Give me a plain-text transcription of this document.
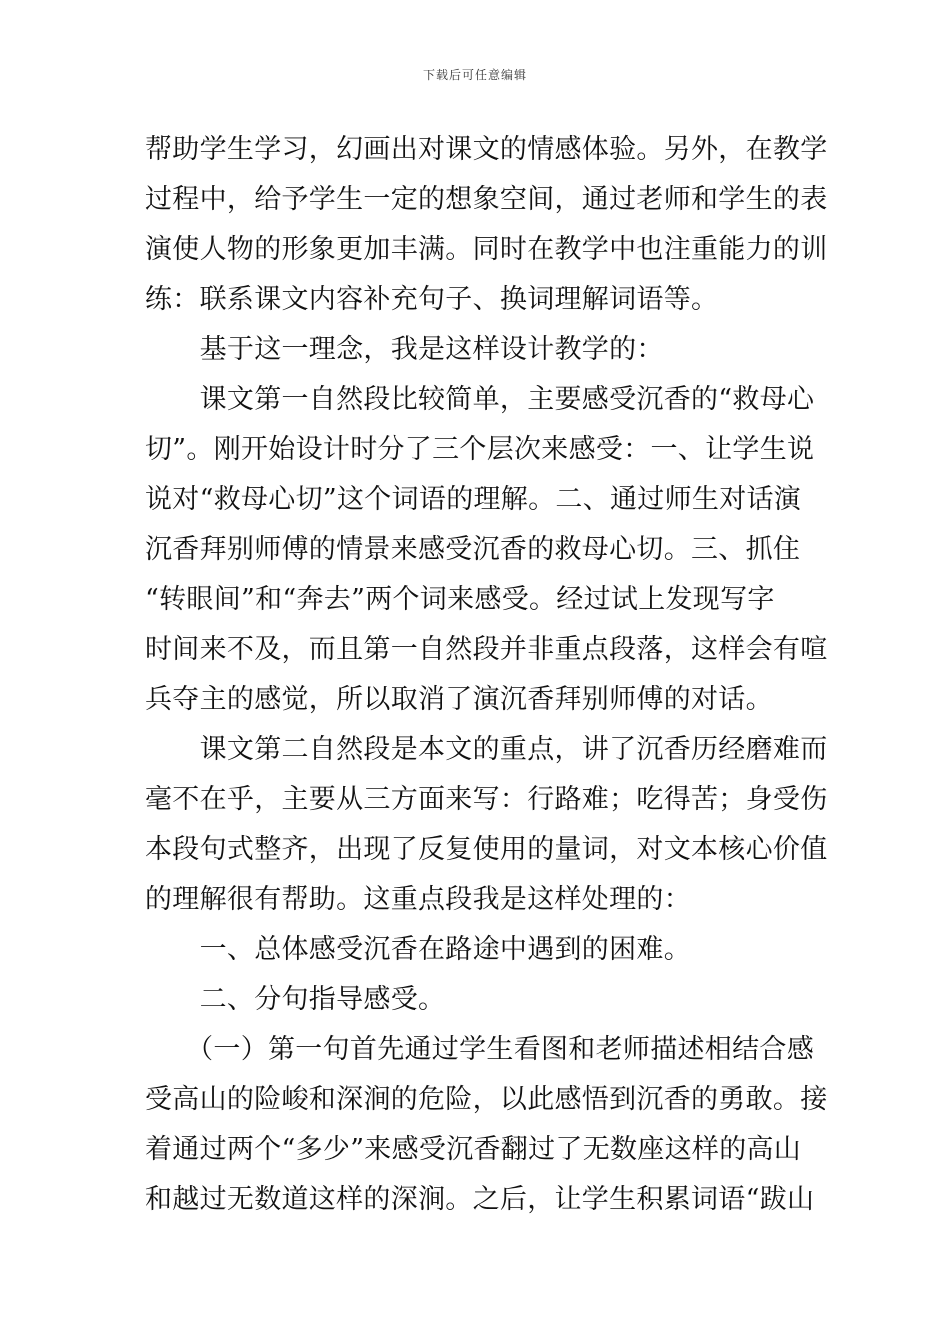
下载后可任意编辑
帮助学生学习，幻画出对课文的情感体验。另外，在教学
过程中，给予学生一定的想象空间，通过老师和学生的表
演使人物的形象更加丰满。同时在教学中也注重能力的训
练：联系课文内容补充句子、换词理解词语等。
　　基于这一理念，我是这样设计教学的：
　　课文第一自然段比较简单，主要感受沉香的“救母心
切”。刚开始设计时分了三个层次来感受：一、让学生说
说对“救母心切”这个词语的理解。二、通过师生对话演
沉香拜别师傅的情景来感受沉香的救母心切。三、抓住
“转眼间”和“奔去”两个词来感受。经过试上发现写字
时间来不及，而且第一自然段并非重点段落，这样会有喧
兵夺主的感觉，所以取消了演沉香拜别师傅的对话。
　　课文第二自然段是本文的重点，讲了沉香历经磨难而
毫不在乎，主要从三方面来写：行路难；吃得苦；身受伤
本段句式整齐，出现了反复使用的量词，对文本核心价值
的理解很有帮助。这重点段我是这样处理的：
　　一、总体感受沉香在路途中遇到的困难。
　　二、分句指导感受。
　　（一）第一句首先通过学生看图和老师描述相结合感
受高山的险峻和深涧的危险，以此感悟到沉香的勇敢。接
着通过两个“多少”来感受沉香翻过了无数座这样的高山
和越过无数道这样的深涧。之后，让学生积累词语“跋山
